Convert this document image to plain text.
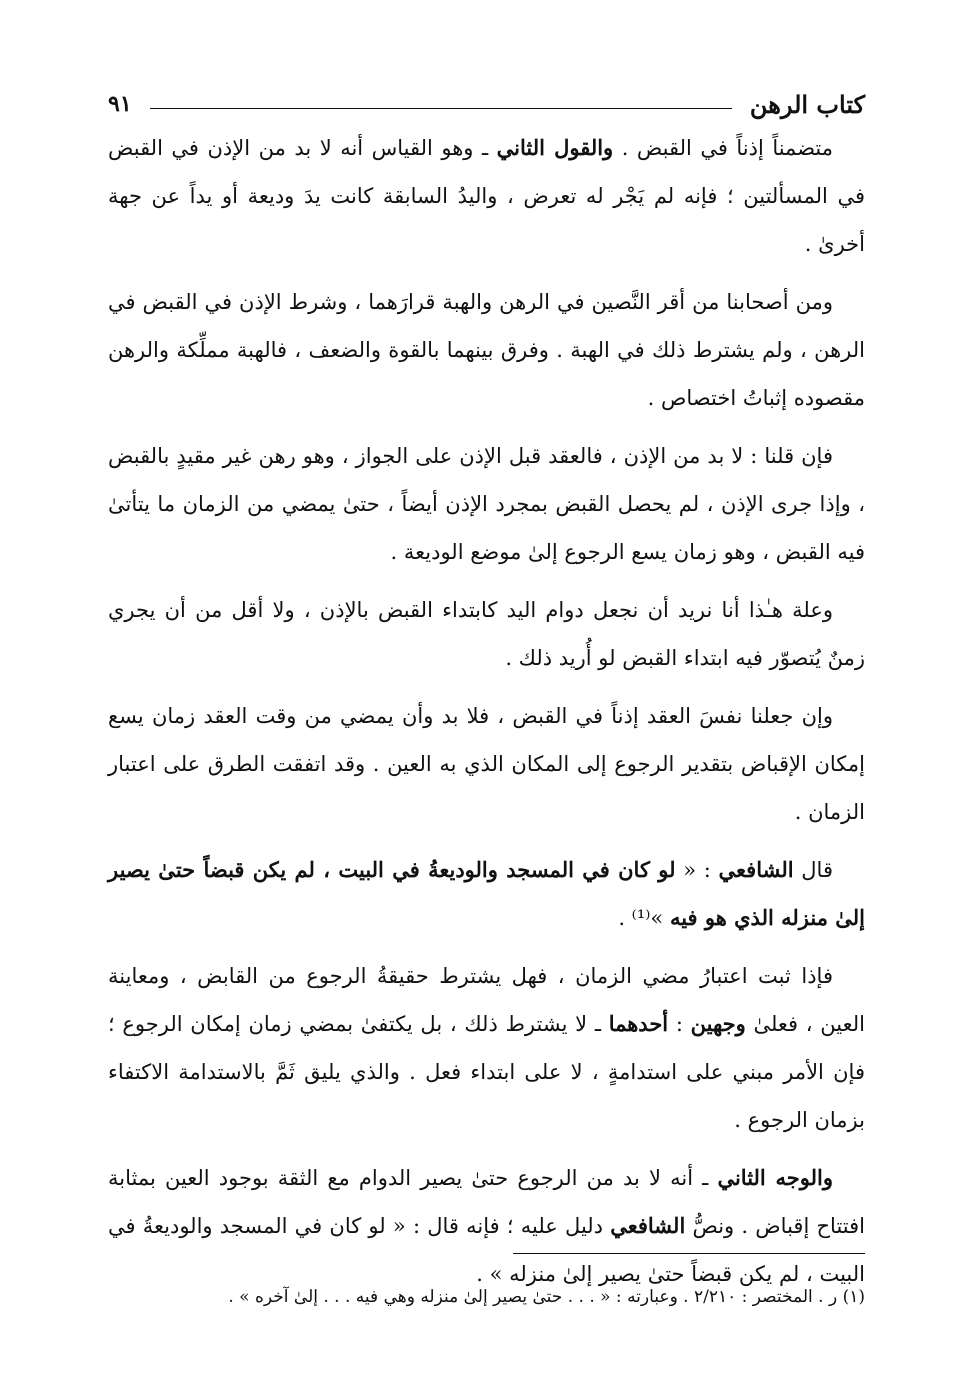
كتاب الرهن
٩١

متضمناً إذناً في القبض . والقول الثاني ـ وهو القياس أنه لا بد من الإذن في القبض في المسألتين ؛ فإنه لم يَجْر له تعرض ، واليدُ السابقة كانت يدَ وديعة أو يداً عن جهة أخرىٰ .

ومن أصحابنا من أقر النَّصين في الرهن والهبة قرارَهما ، وشرط الإذن في القبض في الرهن ، ولم يشترط ذلك في الهبة . وفرق بينهما بالقوة والضعف ، فالهبة مملِّكة والرهن مقصوده إثباتُ اختصاص .

فإن قلنا : لا بد من الإذن ، فالعقد قبل الإذن على الجواز ، وهو رهن غير مقيدٍ بالقبض ، وإذا جرى الإذن ، لم يحصل القبض بمجرد الإذن أيضاً ، حتىٰ يمضي من الزمان ما يتأتىٰ فيه القبض ، وهو زمان يسع الرجوع إلىٰ موضع الوديعة .

وعلة هـٰذا أنا نريد أن نجعل دوام اليد كابتداء القبض بالإذن ، ولا أقل من أن يجري زمنٌ يُتصوّر فيه ابتداء القبض لو أُريد ذلك .

وإن جعلنا نفسَ العقد إذناً في القبض ، فلا بد وأن يمضي من وقت العقد زمان يسع إمكان الإقباض بتقدير الرجوع إلى المكان الذي به العين . وقد اتفقت الطرق على اعتبار الزمان .

قال الشافعي : « لو كان في المسجد والوديعةُ في البيت ، لم يكن قبضاً حتىٰ يصير إلىٰ منزله الذي هو فيه »⁽¹⁾ .

فإذا ثبت اعتبارُ مضي الزمان ، فهل يشترط حقيقةُ الرجوع من القابض ، ومعاينة العين ، فعلىٰ وجهين : أحدهما ـ لا يشترط ذلك ، بل يكتفىٰ بمضي زمان إمكان الرجوع ؛ فإن الأمر مبني على استدامةٍ ، لا على ابتداء فعل . والذي يليق ثَمَّ بالاستدامة الاكتفاء بزمان الرجوع .

والوجه الثاني ـ أنه لا بد من الرجوع حتىٰ يصير الدوام مع الثقة بوجود العين بمثابة افتتاح إقباض . ونصُّ الشافعي دليل عليه ؛ فإنه قال : « لو كان في المسجد والوديعةُ في البيت ، لم يكن قبضاً حتىٰ يصير إلىٰ منزله » .

(١) ر . المختصر : ٢/٢١٠ . وعبارته : « . . . حتىٰ يصير إلىٰ منزله وهي فيه . . . إلىٰ آخره » .
